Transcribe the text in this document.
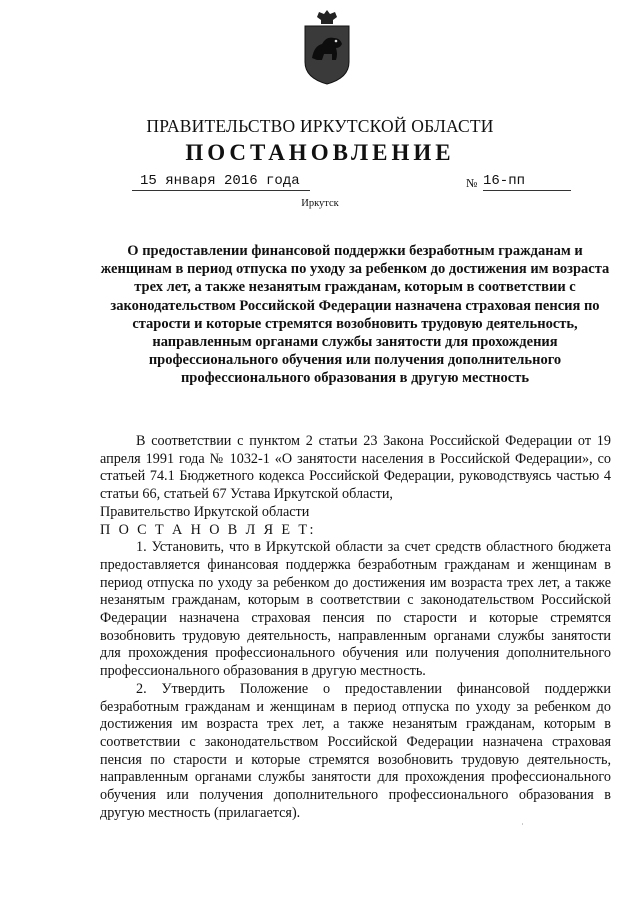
ПРАВИТЕЛЬСТВО ИРКУТСКОЙ ОБЛАСТИ
ПОСТАНОВЛЕНИЕ
15 января 2016 года	№ 16-пп
Иркутск

О предоставлении финансовой поддержки безработным гражданам и женщинам в период отпуска по уходу за ребенком до достижения им возраста трех лет, а также незанятым гражданам, которым в соответствии с законодательством Российской Федерации назначена страховая пенсия по старости и которые стремятся возобновить трудовую деятельность, направленным органами службы занятости для прохождения профессионального обучения или получения дополнительного профессионального образования в другую местность

В соответствии с пунктом 2 статьи 23 Закона Российской Федерации от 19 апреля 1991 года № 1032-1 «О занятости населения в Российской Федерации», со статьей 74.1 Бюджетного кодекса Российской Федерации, руководствуясь частью 4 статьи 66, статьей 67 Устава Иркутской области,

Правительство Иркутской области

П О С Т А Н О В Л Я Е Т:

1. Установить, что в Иркутской области за счет средств областного бюджета предоставляется финансовая поддержка безработным гражданам и женщинам в период отпуска по уходу за ребенком до достижения им возраста трех лет, а также незанятым гражданам, которым в соответствии с законодательством Российской Федерации назначена страховая пенсия по старости и которые стремятся возобновить трудовую деятельность, направленным органами службы занятости для прохождения профессионального обучения или получения дополнительного профессионального образования в другую местность.

2. Утвердить Положение о предоставлении финансовой поддержки безработным гражданам и женщинам в период отпуска по уходу за ребенком до достижения им возраста трех лет, а также незанятым гражданам, которым в соответствии с законодательством Российской Федерации назначена страховая пенсия по старости и которые стремятся возобновить трудовую деятельность, направленным органами службы занятости для прохождения профессионального обучения или получения дополнительного профессионального образования в другую местность (прилагается).

˙
